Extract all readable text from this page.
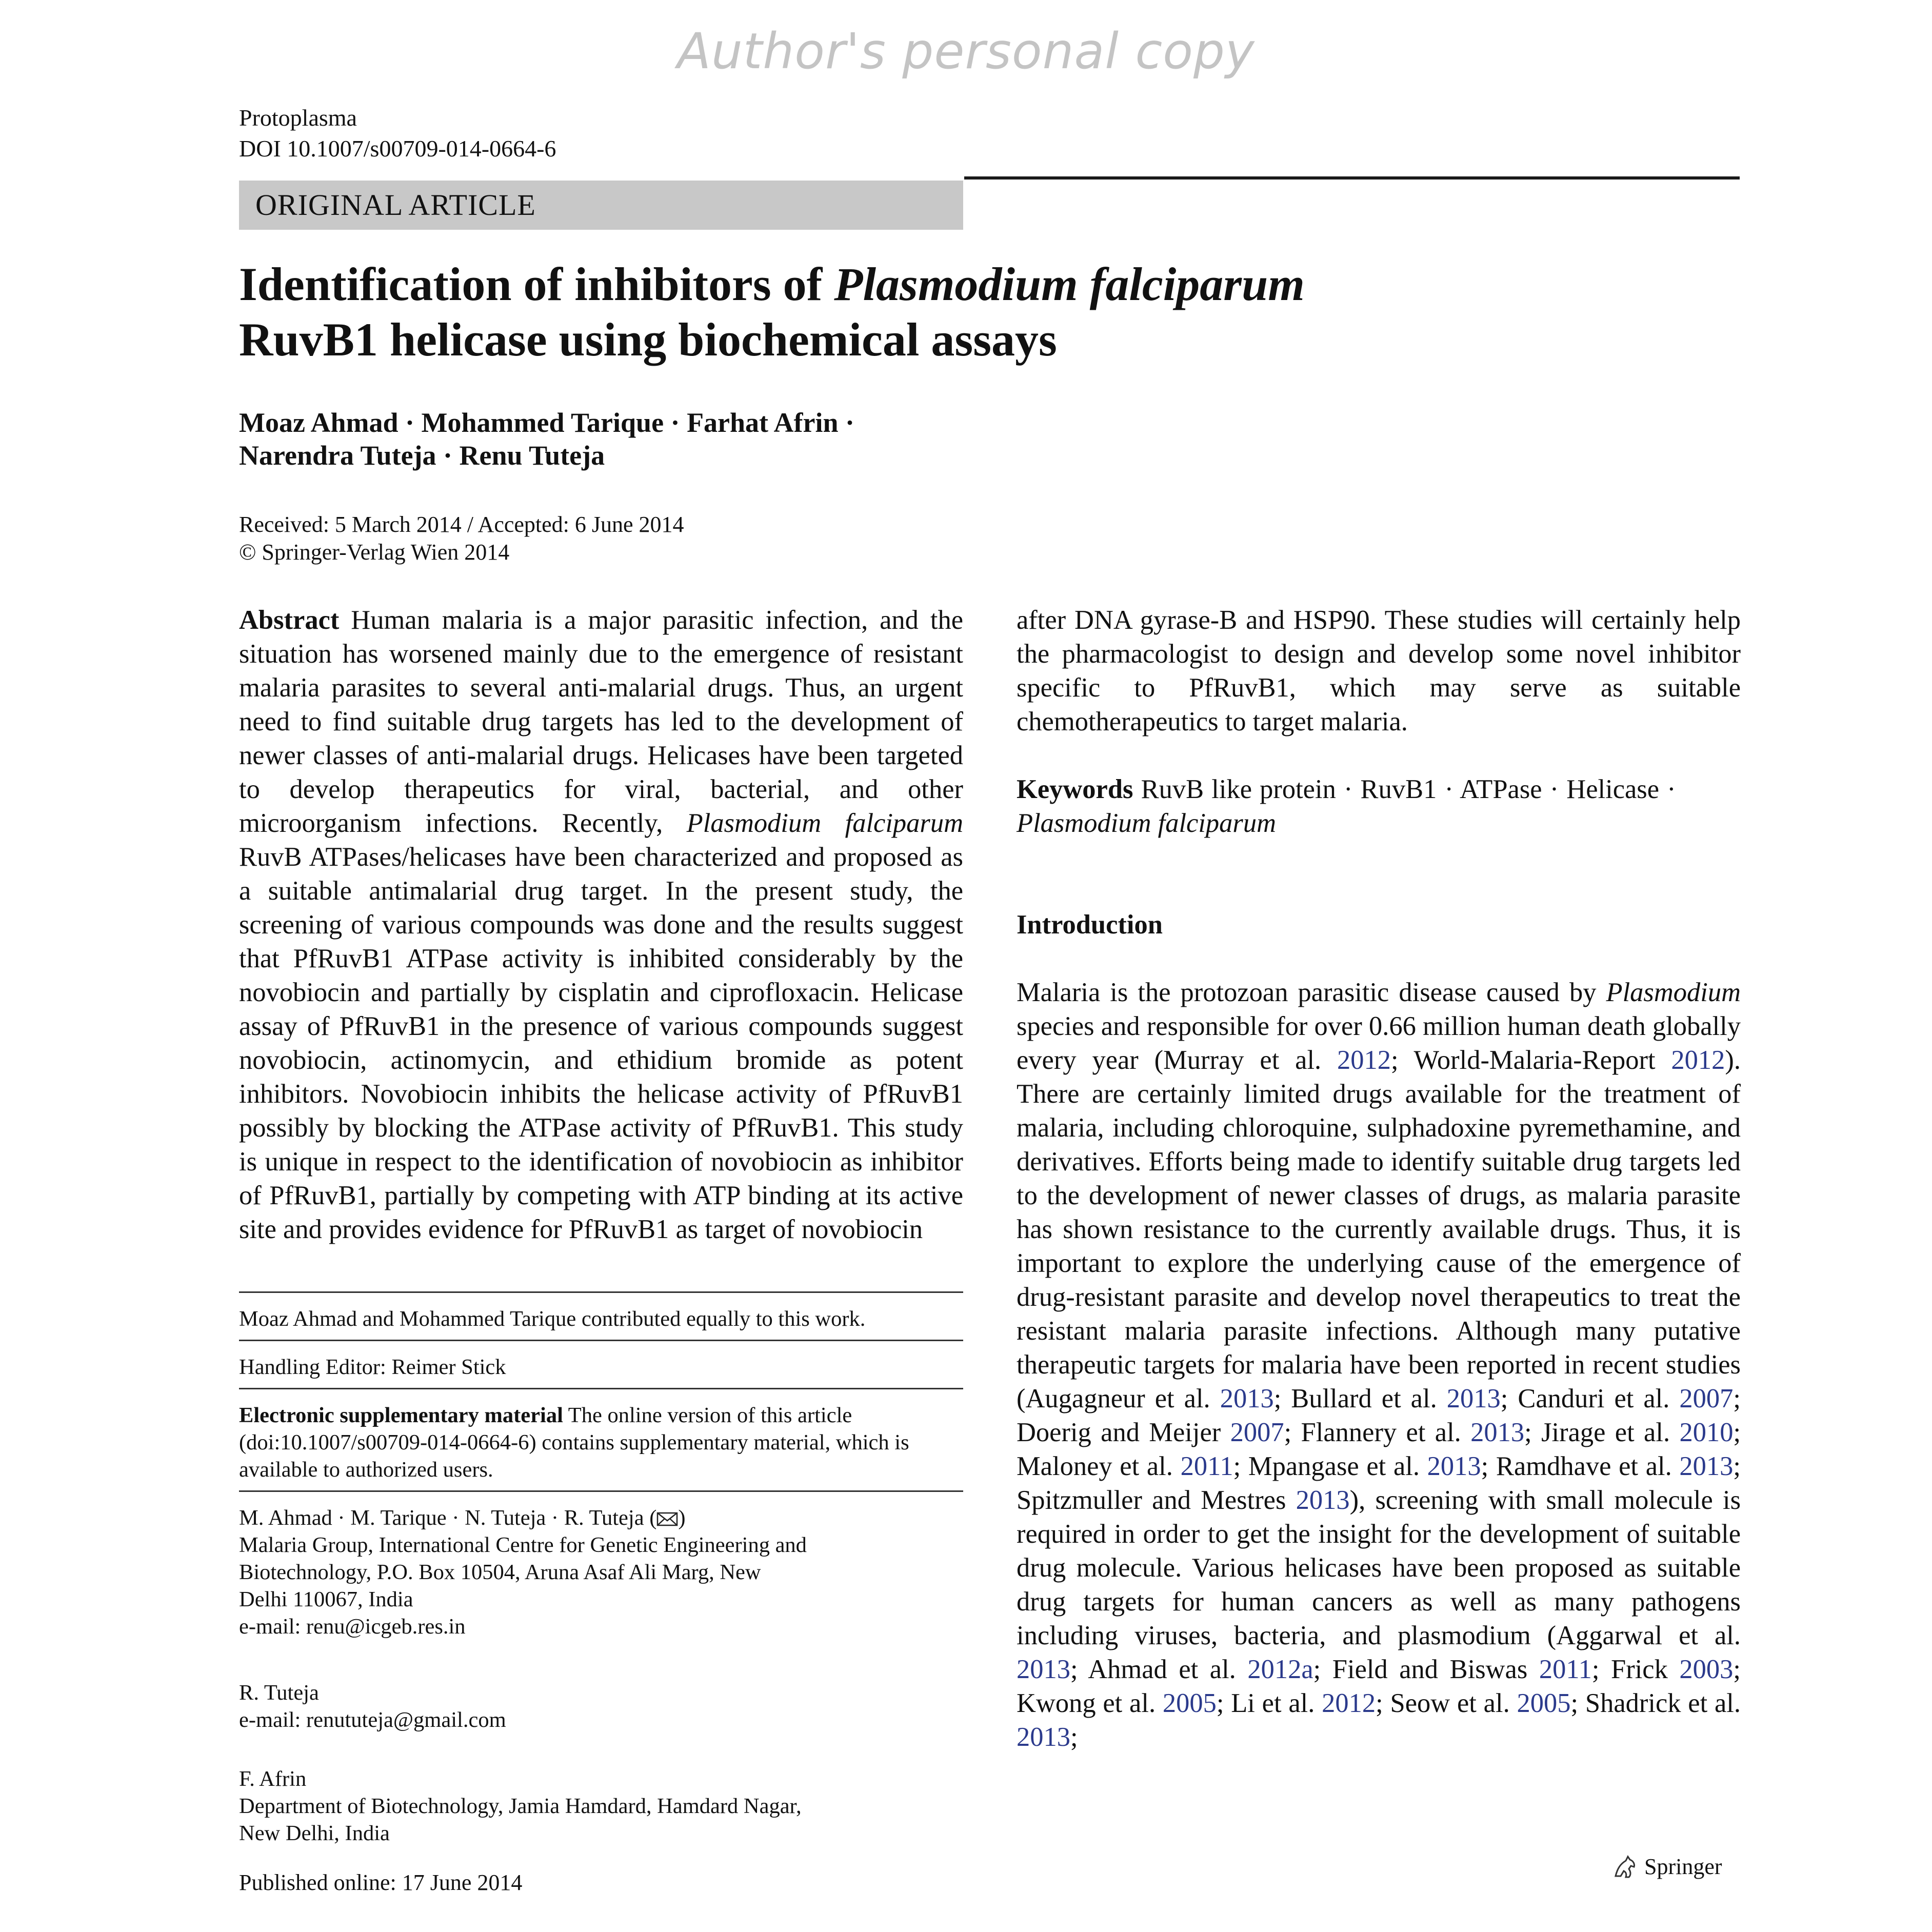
Author's personal copy
Protoplasma
DOI 10.1007/s00709-014-0664-6
ORIGINAL ARTICLE
Identification of inhibitors of Plasmodium falciparum
RuvB1 helicase using biochemical assays
Moaz Ahmad · Mohammed Tarique · Farhat Afrin ·
Narendra Tuteja · Renu Tuteja
Received: 5 March 2014 / Accepted: 6 June 2014
© Springer-Verlag Wien 2014

Abstract Human malaria is a major parasitic infection, and the situation has worsened mainly due to the emergence of resistant malaria parasites to several anti-malarial drugs. Thus, an urgent need to find suitable drug targets has led to the development of newer classes of anti-malarial drugs. Helicases have been targeted to develop therapeutics for viral, bacterial, and other microorganism infections. Recently, Plasmodium falciparum RuvB ATPases/helicases have been characterized and proposed as a suitable antimalarial drug target. In the present study, the screening of various compounds was done and the results suggest that PfRuvB1 ATPase activity is inhibited considerably by the novobiocin and partially by cisplatin and ciprofloxacin. Helicase assay of PfRuvB1 in the presence of various compounds suggest novobiocin, actinomycin, and ethidium bromide as potent inhibitors. Novobiocin inhibits the helicase activity of PfRuvB1 possibly by blocking the ATPase activity of PfRuvB1. This study is unique in respect to the identification of novobiocin as inhibitor of PfRuvB1, partially by competing with ATP binding at its active site and provides evidence for PfRuvB1 as target of novobiocin

after DNA gyrase-B and HSP90. These studies will certainly help the pharmacologist to design and develop some novel inhibitor specific to PfRuvB1, which may serve as suitable chemotherapeutics to target malaria.

Keywords RuvB like protein · RuvB1 · ATPase · Helicase ·
Plasmodium falciparum

Introduction

Malaria is the protozoan parasitic disease caused by Plasmodium species and responsible for over 0.66 million human death globally every year (Murray et al. 2012; World-Malaria-Report 2012). There are certainly limited drugs available for the treatment of malaria, including chloroquine, sulphadoxine pyremethamine, and derivatives. Efforts being made to identify suitable drug targets led to the development of newer classes of drugs, as malaria parasite has shown resistance to the currently available drugs. Thus, it is important to explore the underlying cause of the emergence of drug-resistant parasite and develop novel therapeutics to treat the resistant malaria parasite infections. Although many putative therapeutic targets for malaria have been reported in recent studies (Augagneur et al. 2013; Bullard et al. 2013; Canduri et al. 2007; Doerig and Meijer 2007; Flannery et al. 2013; Jirage et al. 2010; Maloney et al. 2011; Mpangase et al. 2013; Ramdhave et al. 2013; Spitzmuller and Mestres 2013), screening with small molecule is required in order to get the insight for the development of suitable drug molecule. Various helicases have been proposed as suitable drug targets for human cancers as well as many pathogens including viruses, bacteria, and plasmodium (Aggarwal et al. 2013; Ahmad et al. 2012a; Field and Biswas 2011; Frick 2003; Kwong et al. 2005; Li et al. 2012; Seow et al. 2005; Shadrick et al. 2013;

Moaz Ahmad and Mohammed Tarique contributed equally to this work.
Handling Editor: Reimer Stick
Electronic supplementary material The online version of this article (doi:10.1007/s00709-014-0664-6) contains supplementary material, which is available to authorized users.
M. Ahmad · M. Tarique · N. Tuteja · R. Tuteja ( )
Malaria Group, International Centre for Genetic Engineering and
Biotechnology, P.O. Box 10504, Aruna Asaf Ali Marg, New
Delhi 110067, India
e-mail: renu@icgeb.res.in
R. Tuteja
e-mail: renututeja@gmail.com
F. Afrin
Department of Biotechnology, Jamia Hamdard, Hamdard Nagar,
New Delhi, India
Published online: 17 June 2014
Springer
